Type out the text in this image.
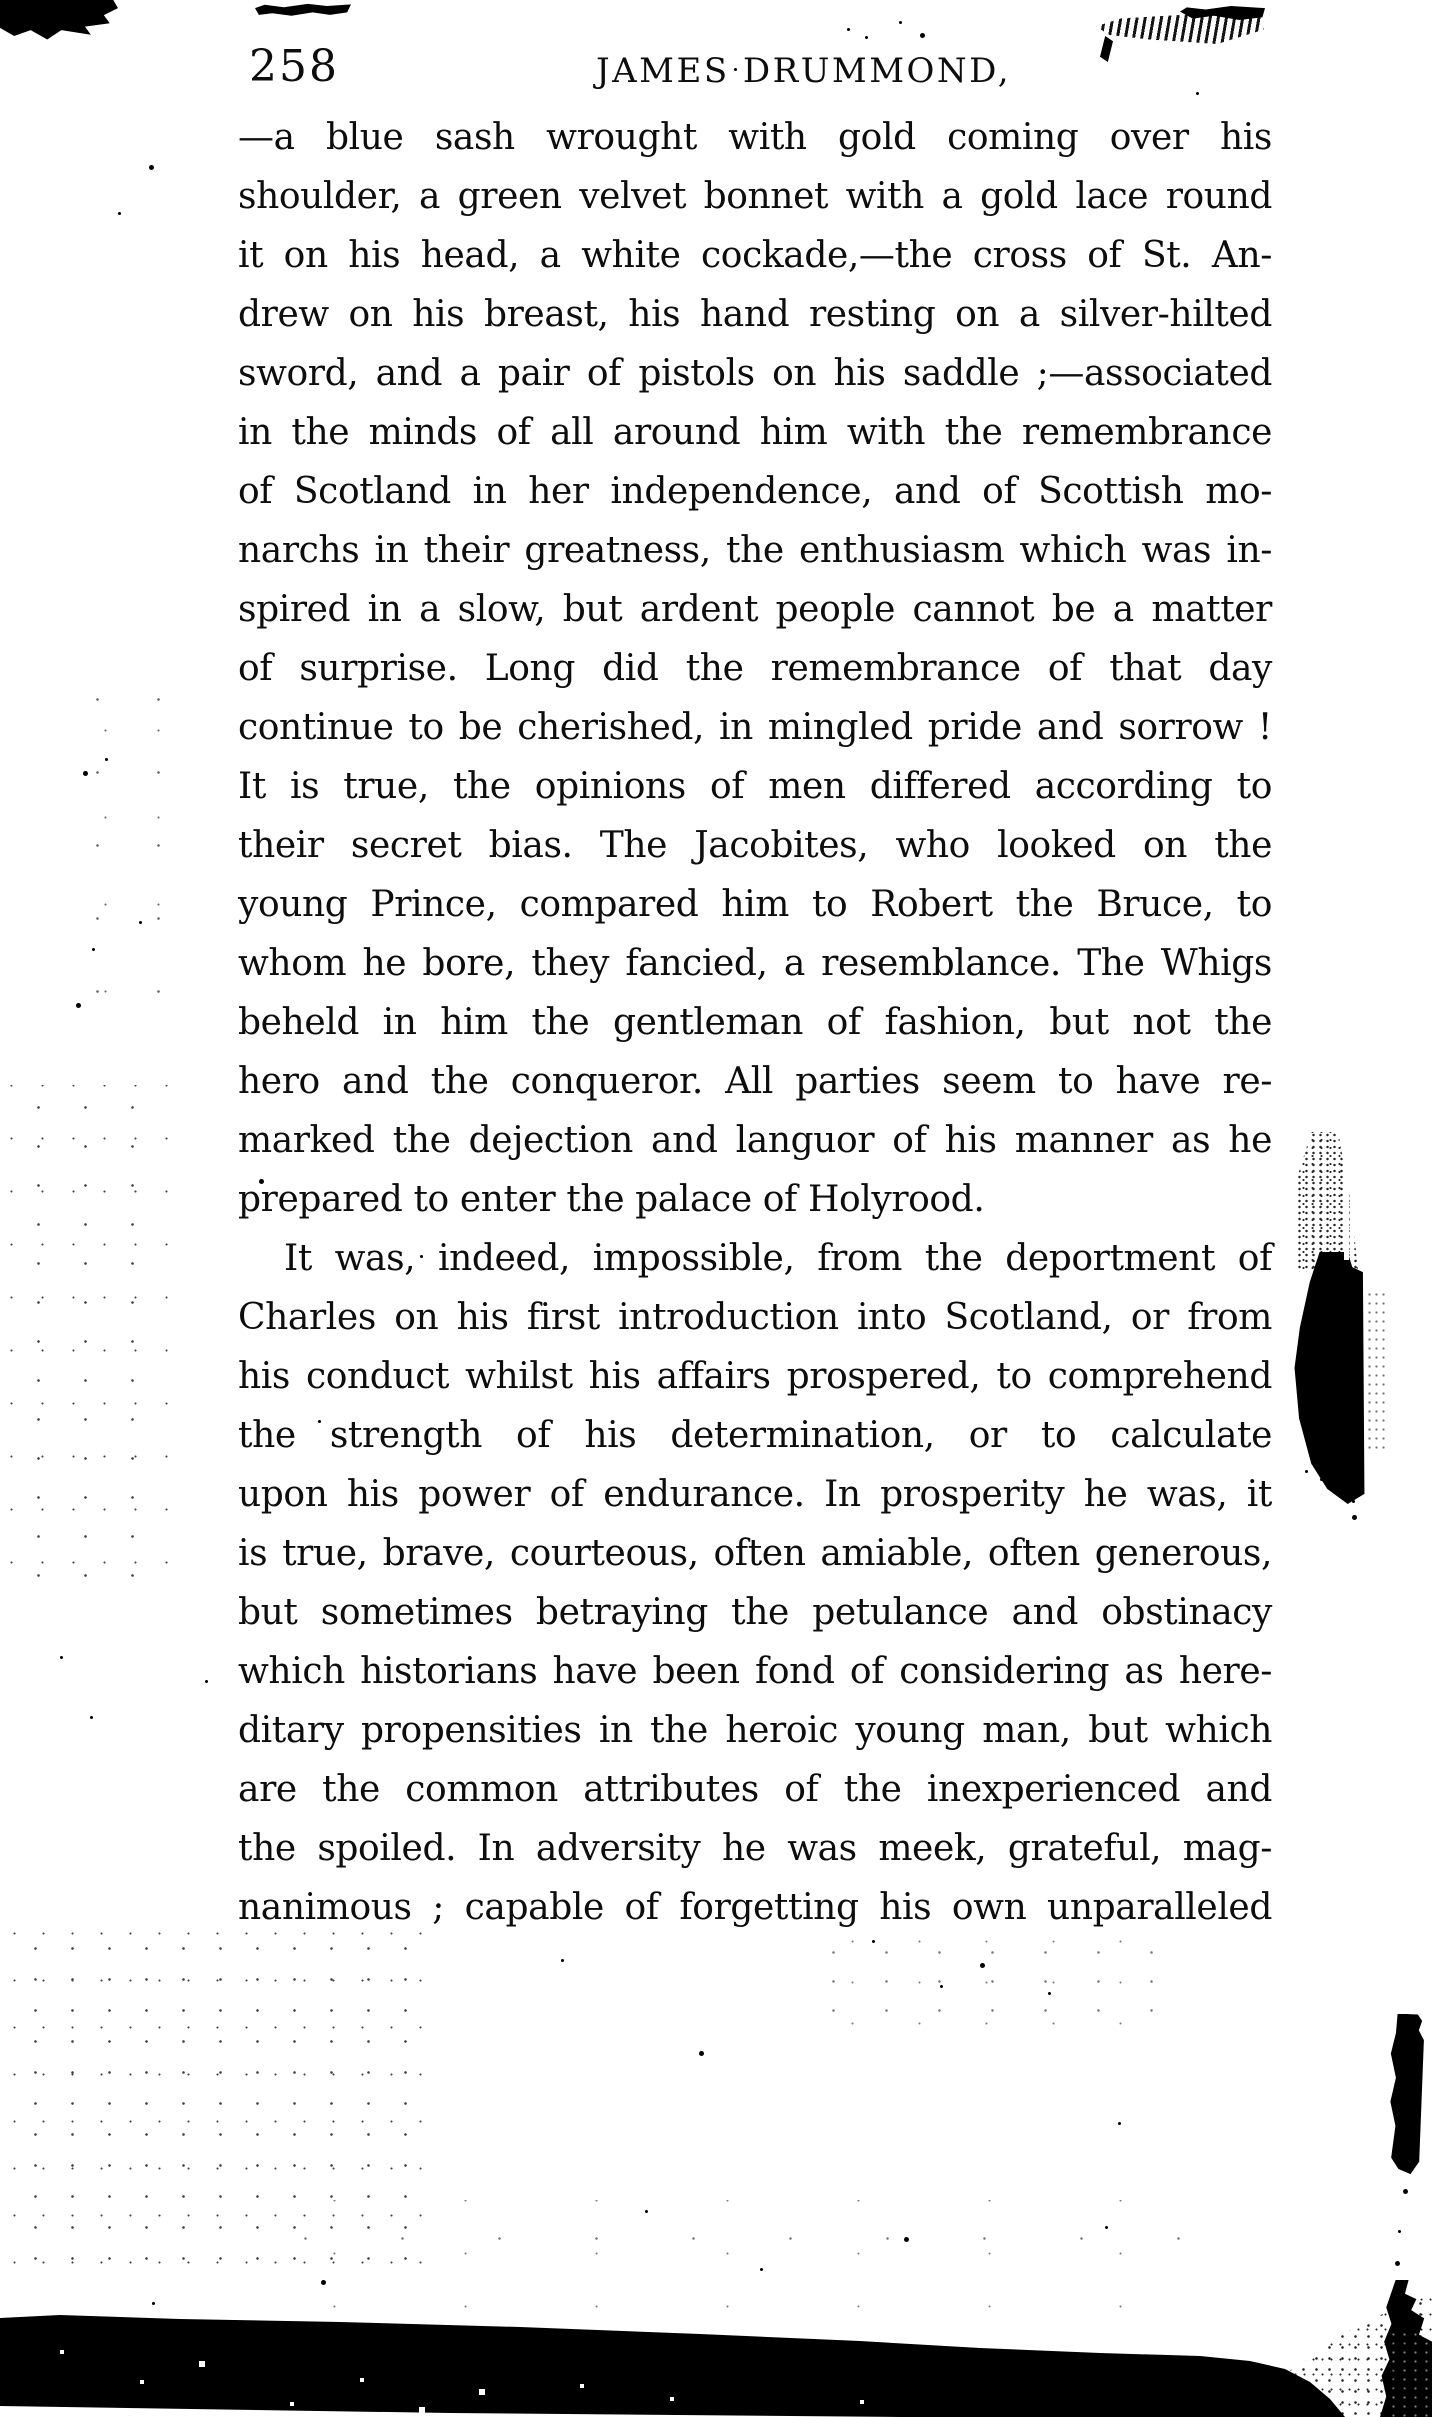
258	JAMES DRUMMOND,
—a blue sash wrought with gold coming over his
shoulder, a green velvet bonnet with a gold lace round
it on his head, a white cockade,—the cross of St. An-
drew on his breast, his hand resting on a silver-hilted
sword, and a pair of pistols on his saddle ;—associated
in the minds of all around him with the remembrance
of Scotland in her independence, and of Scottish mo-
narchs in their greatness, the enthusiasm which was in-
spired in a slow, but ardent people cannot be a matter
of surprise. Long did the remembrance of that day
continue to be cherished, in mingled pride and sorrow !
It is true, the opinions of men differed according to
their secret bias. The Jacobites, who looked on the
young Prince, compared him to Robert the Bruce, to
whom he bore, they fancied, a resemblance. The Whigs
beheld in him the gentleman of fashion, but not the
hero and the conqueror. All parties seem to have re-
marked the dejection and languor of his manner as he
prepared to enter the palace of Holyrood.
It was, indeed, impossible, from the deportment of
Charles on his first introduction into Scotland, or from
his conduct whilst his affairs prospered, to comprehend
the strength of his determination, or to calculate
upon his power of endurance. In prosperity he was, it
is true, brave, courteous, often amiable, often generous,
but sometimes betraying the petulance and obstinacy
which historians have been fond of considering as here-
ditary propensities in the heroic young man, but which
are the common attributes of the inexperienced and
the spoiled. In adversity he was meek, grateful, mag-
nanimous ; capable of forgetting his own unparalleled
